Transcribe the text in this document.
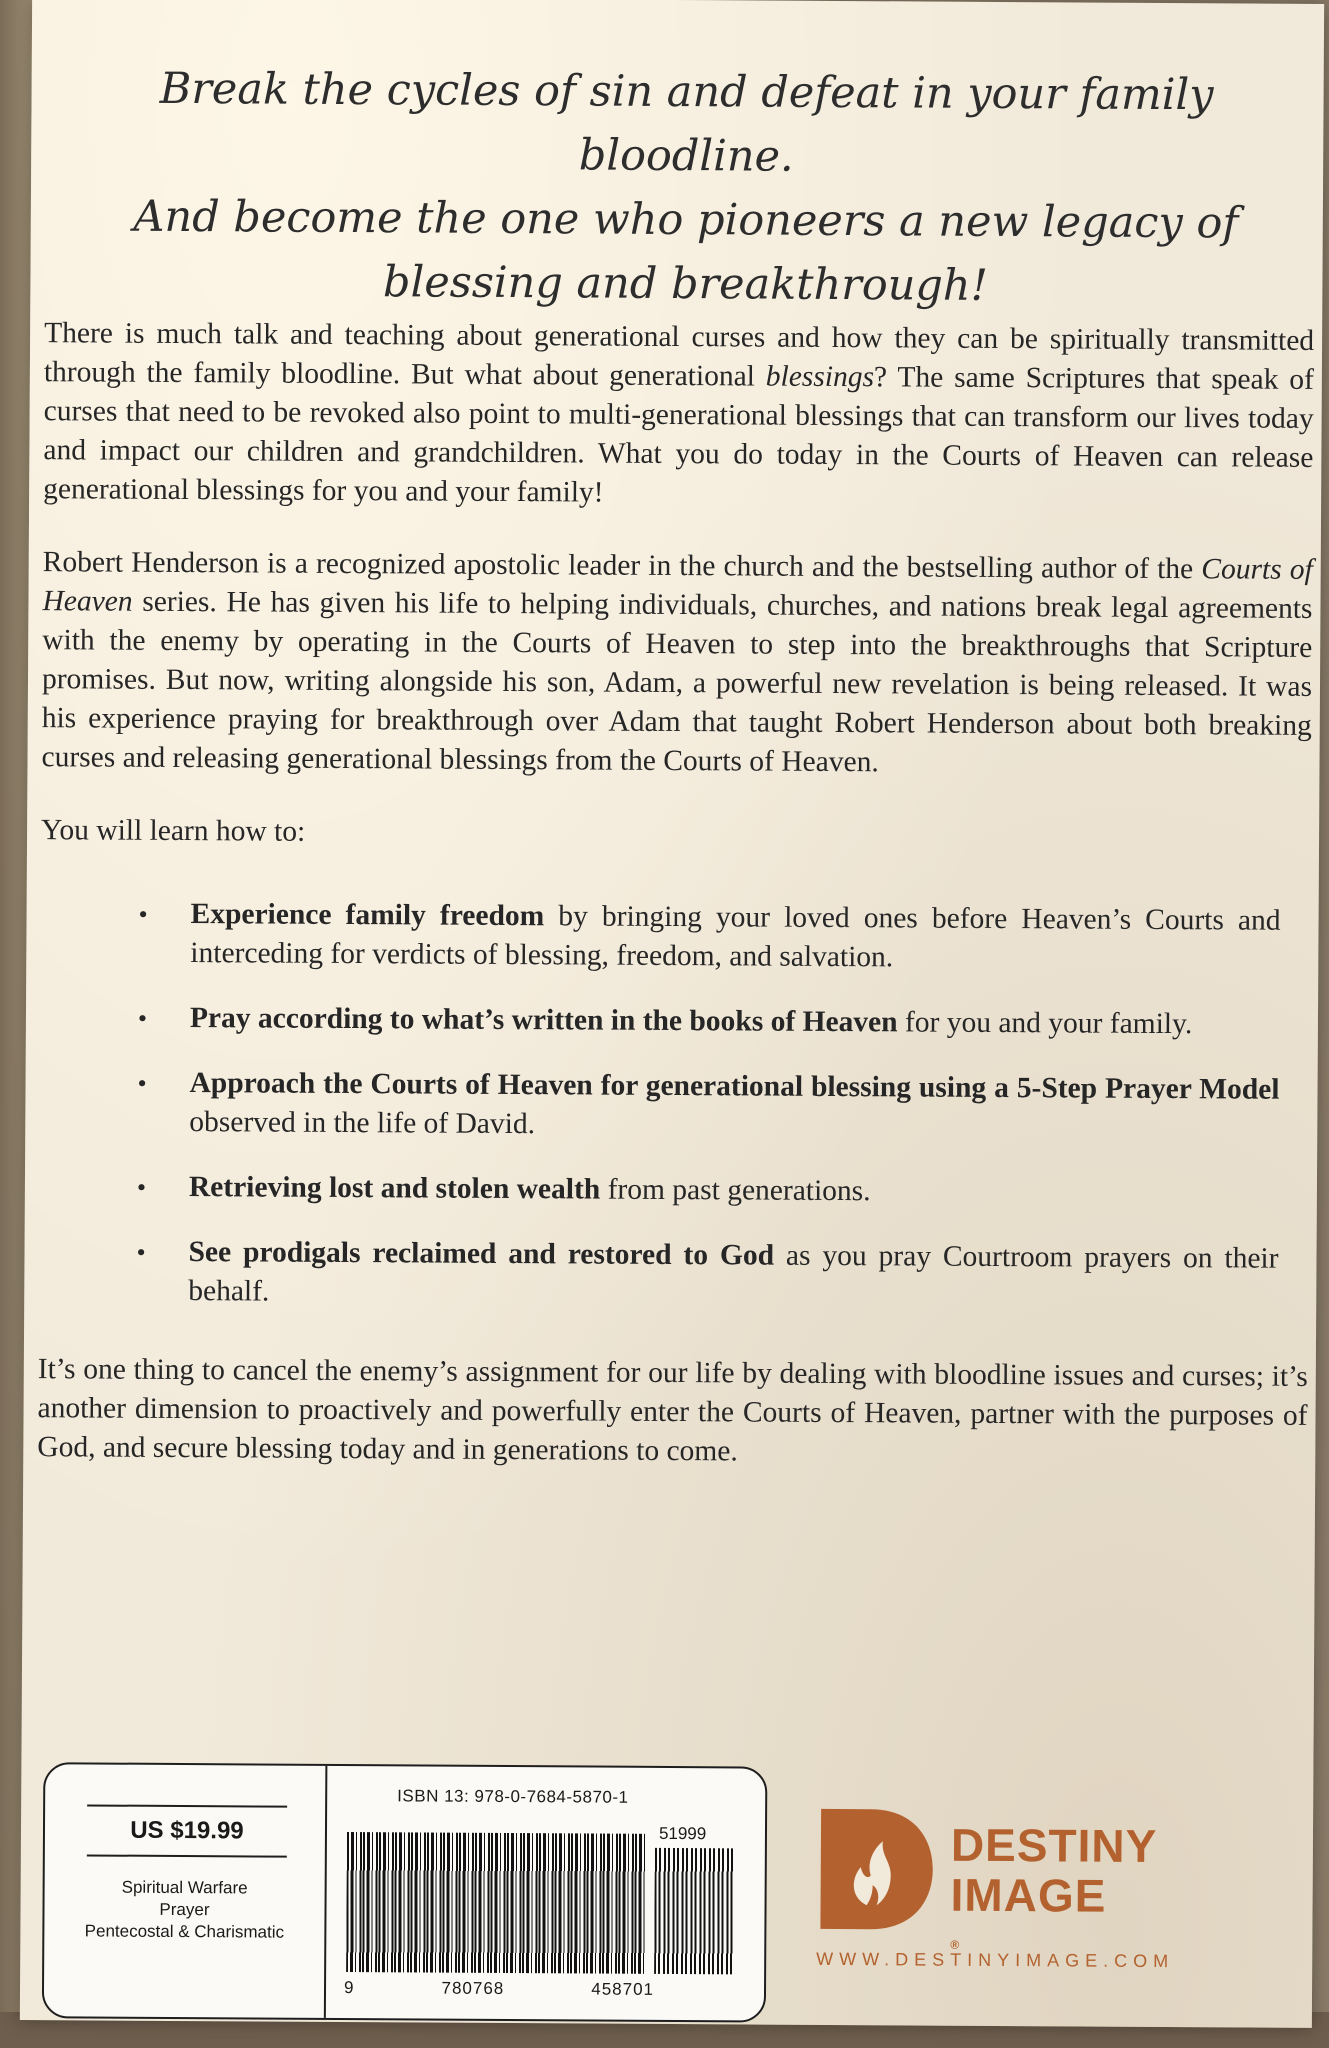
Break the cycles of sin and defeat in your family bloodline.
And become the one who pioneers a new legacy of
blessing and breakthrough!

There is much talk and teaching about generational curses and how they can be spiritually transmitted through the family bloodline. But what about generational blessings? The same Scriptures that speak of curses that need to be revoked also point to multi-generational blessings that can transform our lives today and impact our children and grandchildren. What you do today in the Courts of Heaven can release generational blessings for you and your family!

Robert Henderson is a recognized apostolic leader in the church and the bestselling author of the Courts of Heaven series. He has given his life to helping individuals, churches, and nations break legal agreements with the enemy by operating in the Courts of Heaven to step into the breakthroughs that Scripture promises. But now, writing alongside his son, Adam, a powerful new revelation is being released. It was his experience praying for breakthrough over Adam that taught Robert Henderson about both breaking curses and releasing generational blessings from the Courts of Heaven.

You will learn how to:

• Experience family freedom by bringing your loved ones before Heaven’s Courts and interceding for verdicts of blessing, freedom, and salvation.
• Pray according to what’s written in the books of Heaven for you and your family.
• Approach the Courts of Heaven for generational blessing using a 5-Step Prayer Model observed in the life of David.
• Retrieving lost and stolen wealth from past generations.
• See prodigals reclaimed and restored to God as you pray Courtroom prayers on their behalf.

It’s one thing to cancel the enemy’s assignment for our life by dealing with bloodline issues and curses; it’s another dimension to proactively and powerfully enter the Courts of Heaven, partner with the purposes of God, and secure blessing today and in generations to come.

US $19.99
Spiritual Warfare
Prayer
Pentecostal & Charismatic
ISBN 13: 978-0-7684-5870-1
51999
9	780768	458701
DESTINY
IMAGE
®
WWW.DESTINYIMAGE.COM
